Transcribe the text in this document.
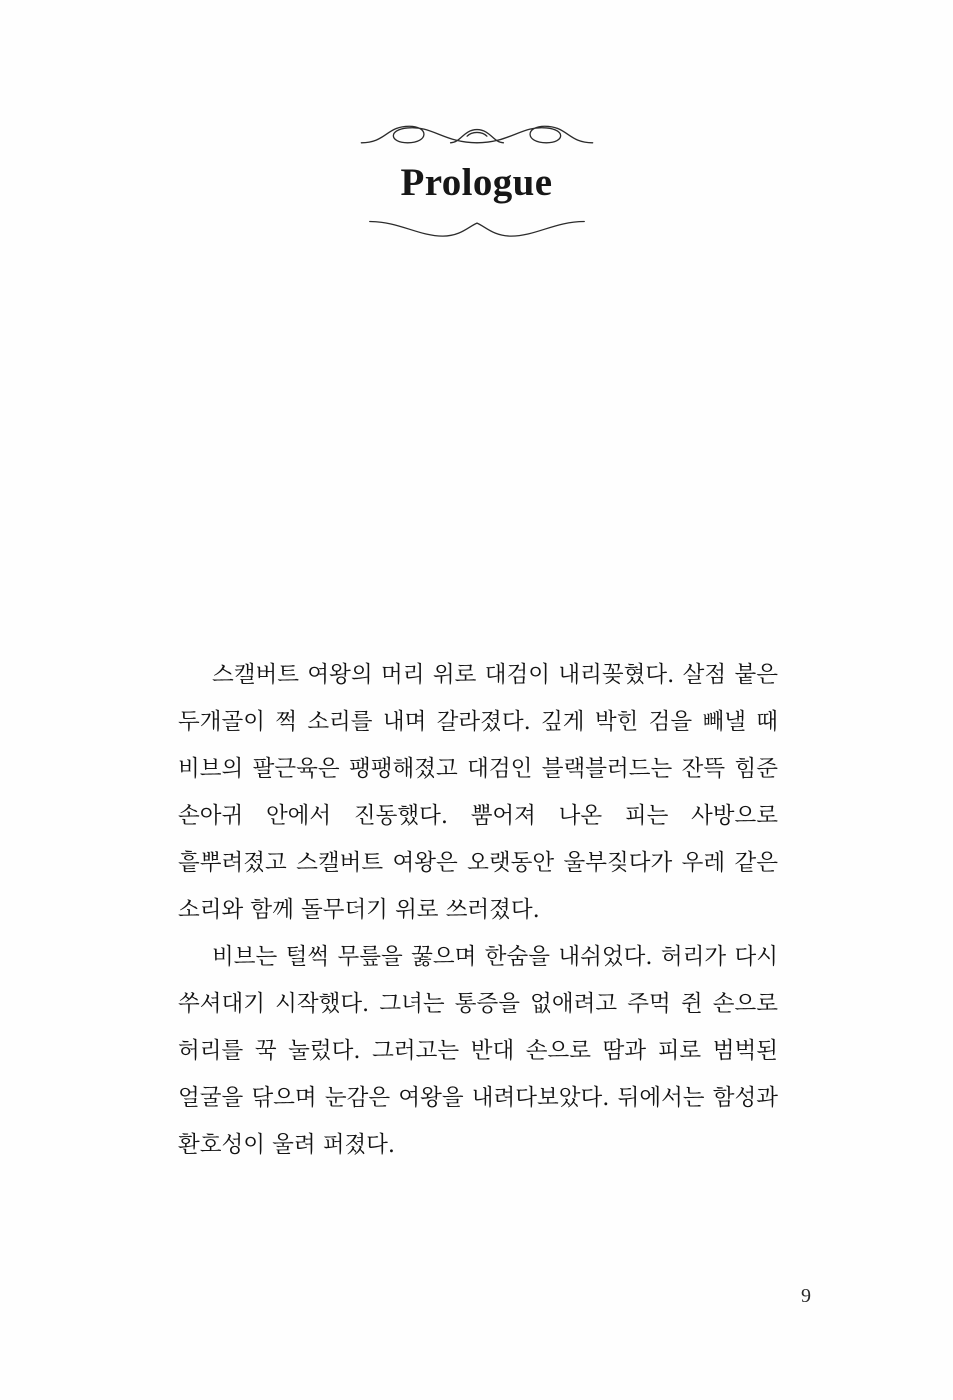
Prologue

스캘버트 여왕의 머리 위로 대검이 내리꽂혔다. 살점 붙은 두개골이 쩍 소리를 내며 갈라졌다. 깊게 박힌 검을 빼낼 때 비브의 팔근육은 팽팽해졌고 대검인 블랙블러드는 잔뜩 힘준 손아귀 안에서 진동했다. 뿜어져 나온 피는 사방으로 흩뿌려졌고 스캘버트 여왕은 오랫동안 울부짖다가 우레 같은 소리와 함께 돌무더기 위로 쓰러졌다.

비브는 털썩 무릎을 꿇으며 한숨을 내쉬었다. 허리가 다시 쑤셔대기 시작했다. 그녀는 통증을 없애려고 주먹 쥔 손으로 허리를 꾹 눌렀다. 그러고는 반대 손으로 땀과 피로 범벅된 얼굴을 닦으며 눈감은 여왕을 내려다보았다. 뒤에서는 함성과 환호성이 울려 퍼졌다.

9
